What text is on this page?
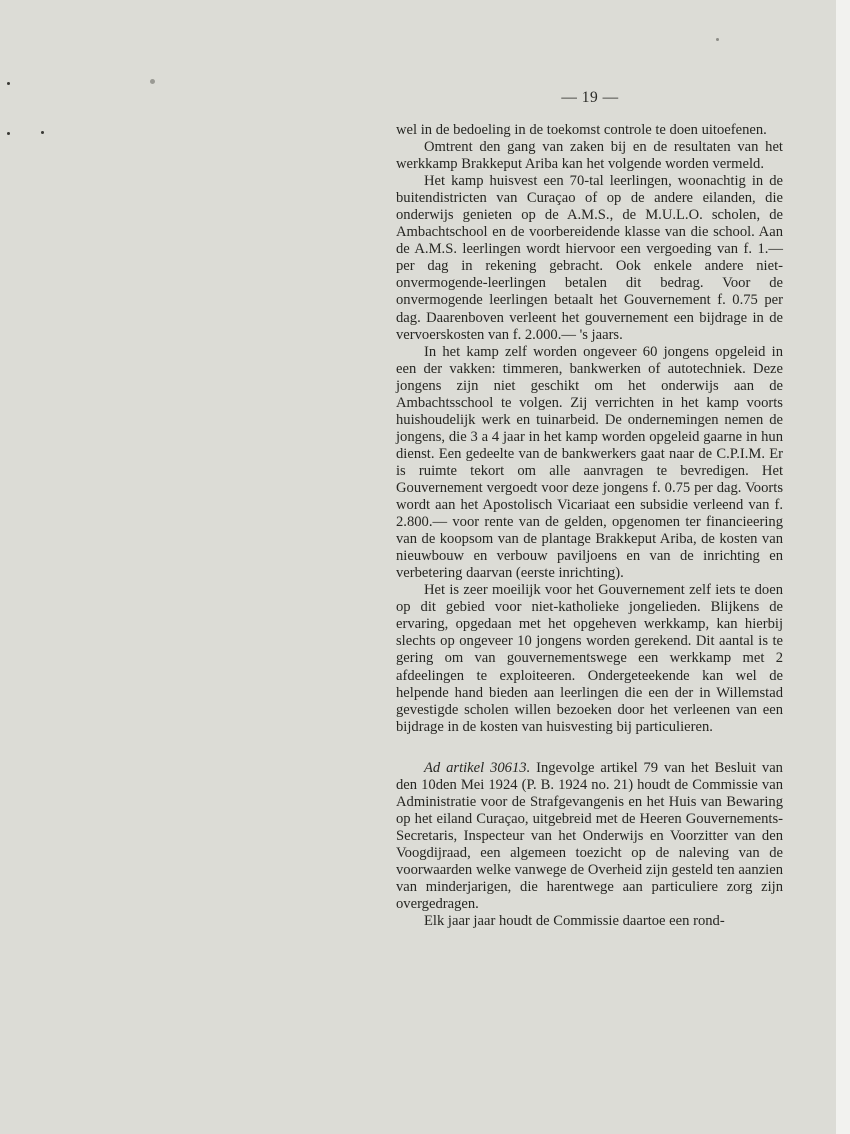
— 19 —

wel in de bedoeling in de toekomst controle te doen uitoefenen.

Omtrent den gang van zaken bij en de resultaten van het werkkamp Brakkeput Ariba kan het volgende worden vermeld.

Het kamp huisvest een 70-tal leerlingen, woonachtig in de buitendistricten van Curaçao of op de andere eilanden, die onderwijs genieten op de A.M.S., de M.U.L.O. scholen, de Ambachtschool en de voorbereidende klasse van die school. Aan de A.M.S. leerlingen wordt hiervoor een vergoeding van f. 1.— per dag in rekening gebracht. Ook enkele andere niet-onvermogende-leerlingen betalen dit bedrag. Voor de onvermogende leerlingen betaalt het Gouvernement f. 0.75 per dag. Daarenboven verleent het gouvernement een bijdrage in de vervoerskosten van f. 2.000.— 's jaars.

In het kamp zelf worden ongeveer 60 jongens opgeleid in een der vakken: timmeren, bankwerken of autotechniek. Deze jongens zijn niet geschikt om het onderwijs aan de Ambachtsschool te volgen. Zij verrichten in het kamp voorts huishoudelijk werk en tuinarbeid. De ondernemingen nemen de jongens, die 3 a 4 jaar in het kamp worden opgeleid gaarne in hun dienst. Een gedeelte van de bankwerkers gaat naar de C.P.I.M. Er is ruimte tekort om alle aanvragen te bevredigen. Het Gouvernement vergoedt voor deze jongens f. 0.75 per dag. Voorts wordt aan het Apostolisch Vicariaat een subsidie verleend van f. 2.800.— voor rente van de gelden, opgenomen ter financieering van de koopsom van de plantage Brakkeput Ariba, de kosten van nieuwbouw en verbouw paviljoens en van de inrichting en verbetering daarvan (eerste inrichting).

Het is zeer moeilijk voor het Gouvernement zelf iets te doen op dit gebied voor niet-katholieke jongelieden. Blijkens de ervaring, opgedaan met het opgeheven werkkamp, kan hierbij slechts op ongeveer 10 jongens worden gerekend. Dit aantal is te gering om van gouvernementswege een werkkamp met 2 afdeelingen te exploiteeren. Ondergeteekende kan wel de helpende hand bieden aan leerlingen die een der in Willemstad gevestigde scholen willen bezoeken door het verleenen van een bijdrage in de kosten van huisvesting bij particulieren.

Ad artikel 30613. Ingevolge artikel 79 van het Besluit van den 10den Mei 1924 (P. B. 1924 no. 21) houdt de Commissie van Administratie voor de Strafgevangenis en het Huis van Bewaring op het eiland Curaçao, uitgebreid met de Heeren Gouvernements-Secretaris, Inspecteur van het Onderwijs en Voorzitter van den Voogdijraad, een algemeen toezicht op de naleving van de voorwaarden welke vanwege de Overheid zijn gesteld ten aanzien van minderjarigen, die harentwege aan particuliere zorg zijn overgedragen.

Elk jaar jaar houdt de Commissie daartoe een rond-
